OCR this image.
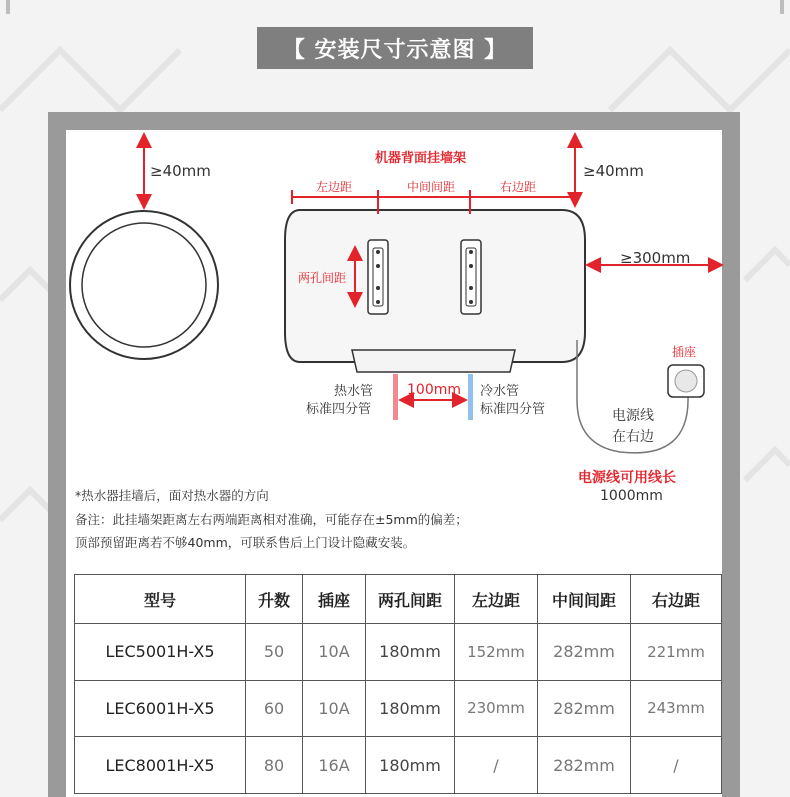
【 安装尺寸示意图 】
≥40mm	≥40mm
≥300mm
机器背面挂墙架
左边距	中间间距	右边距
两孔间距
100mm
热水管
标准四分管
冷水管
标准四分管
插座
电源线
在右边
电源线可用线长
1000mm
*热水器挂墙后，面对热水器的方向
备注：此挂墙架距离左右两端距离相对准确，可能存在±5mm的偏差；
顶部预留距离若不够40mm，可联系售后上门设计隐藏安装。
型号	升数	插座	两孔间距	左边距	中间间距	右边距
LEC5001H-X5	50	10A	180mm	152mm	282mm	221mm
LEC6001H-X5	60	10A	180mm	230mm	282mm	243mm
LEC8001H-X5	80	16A	180mm	/	282mm	/
